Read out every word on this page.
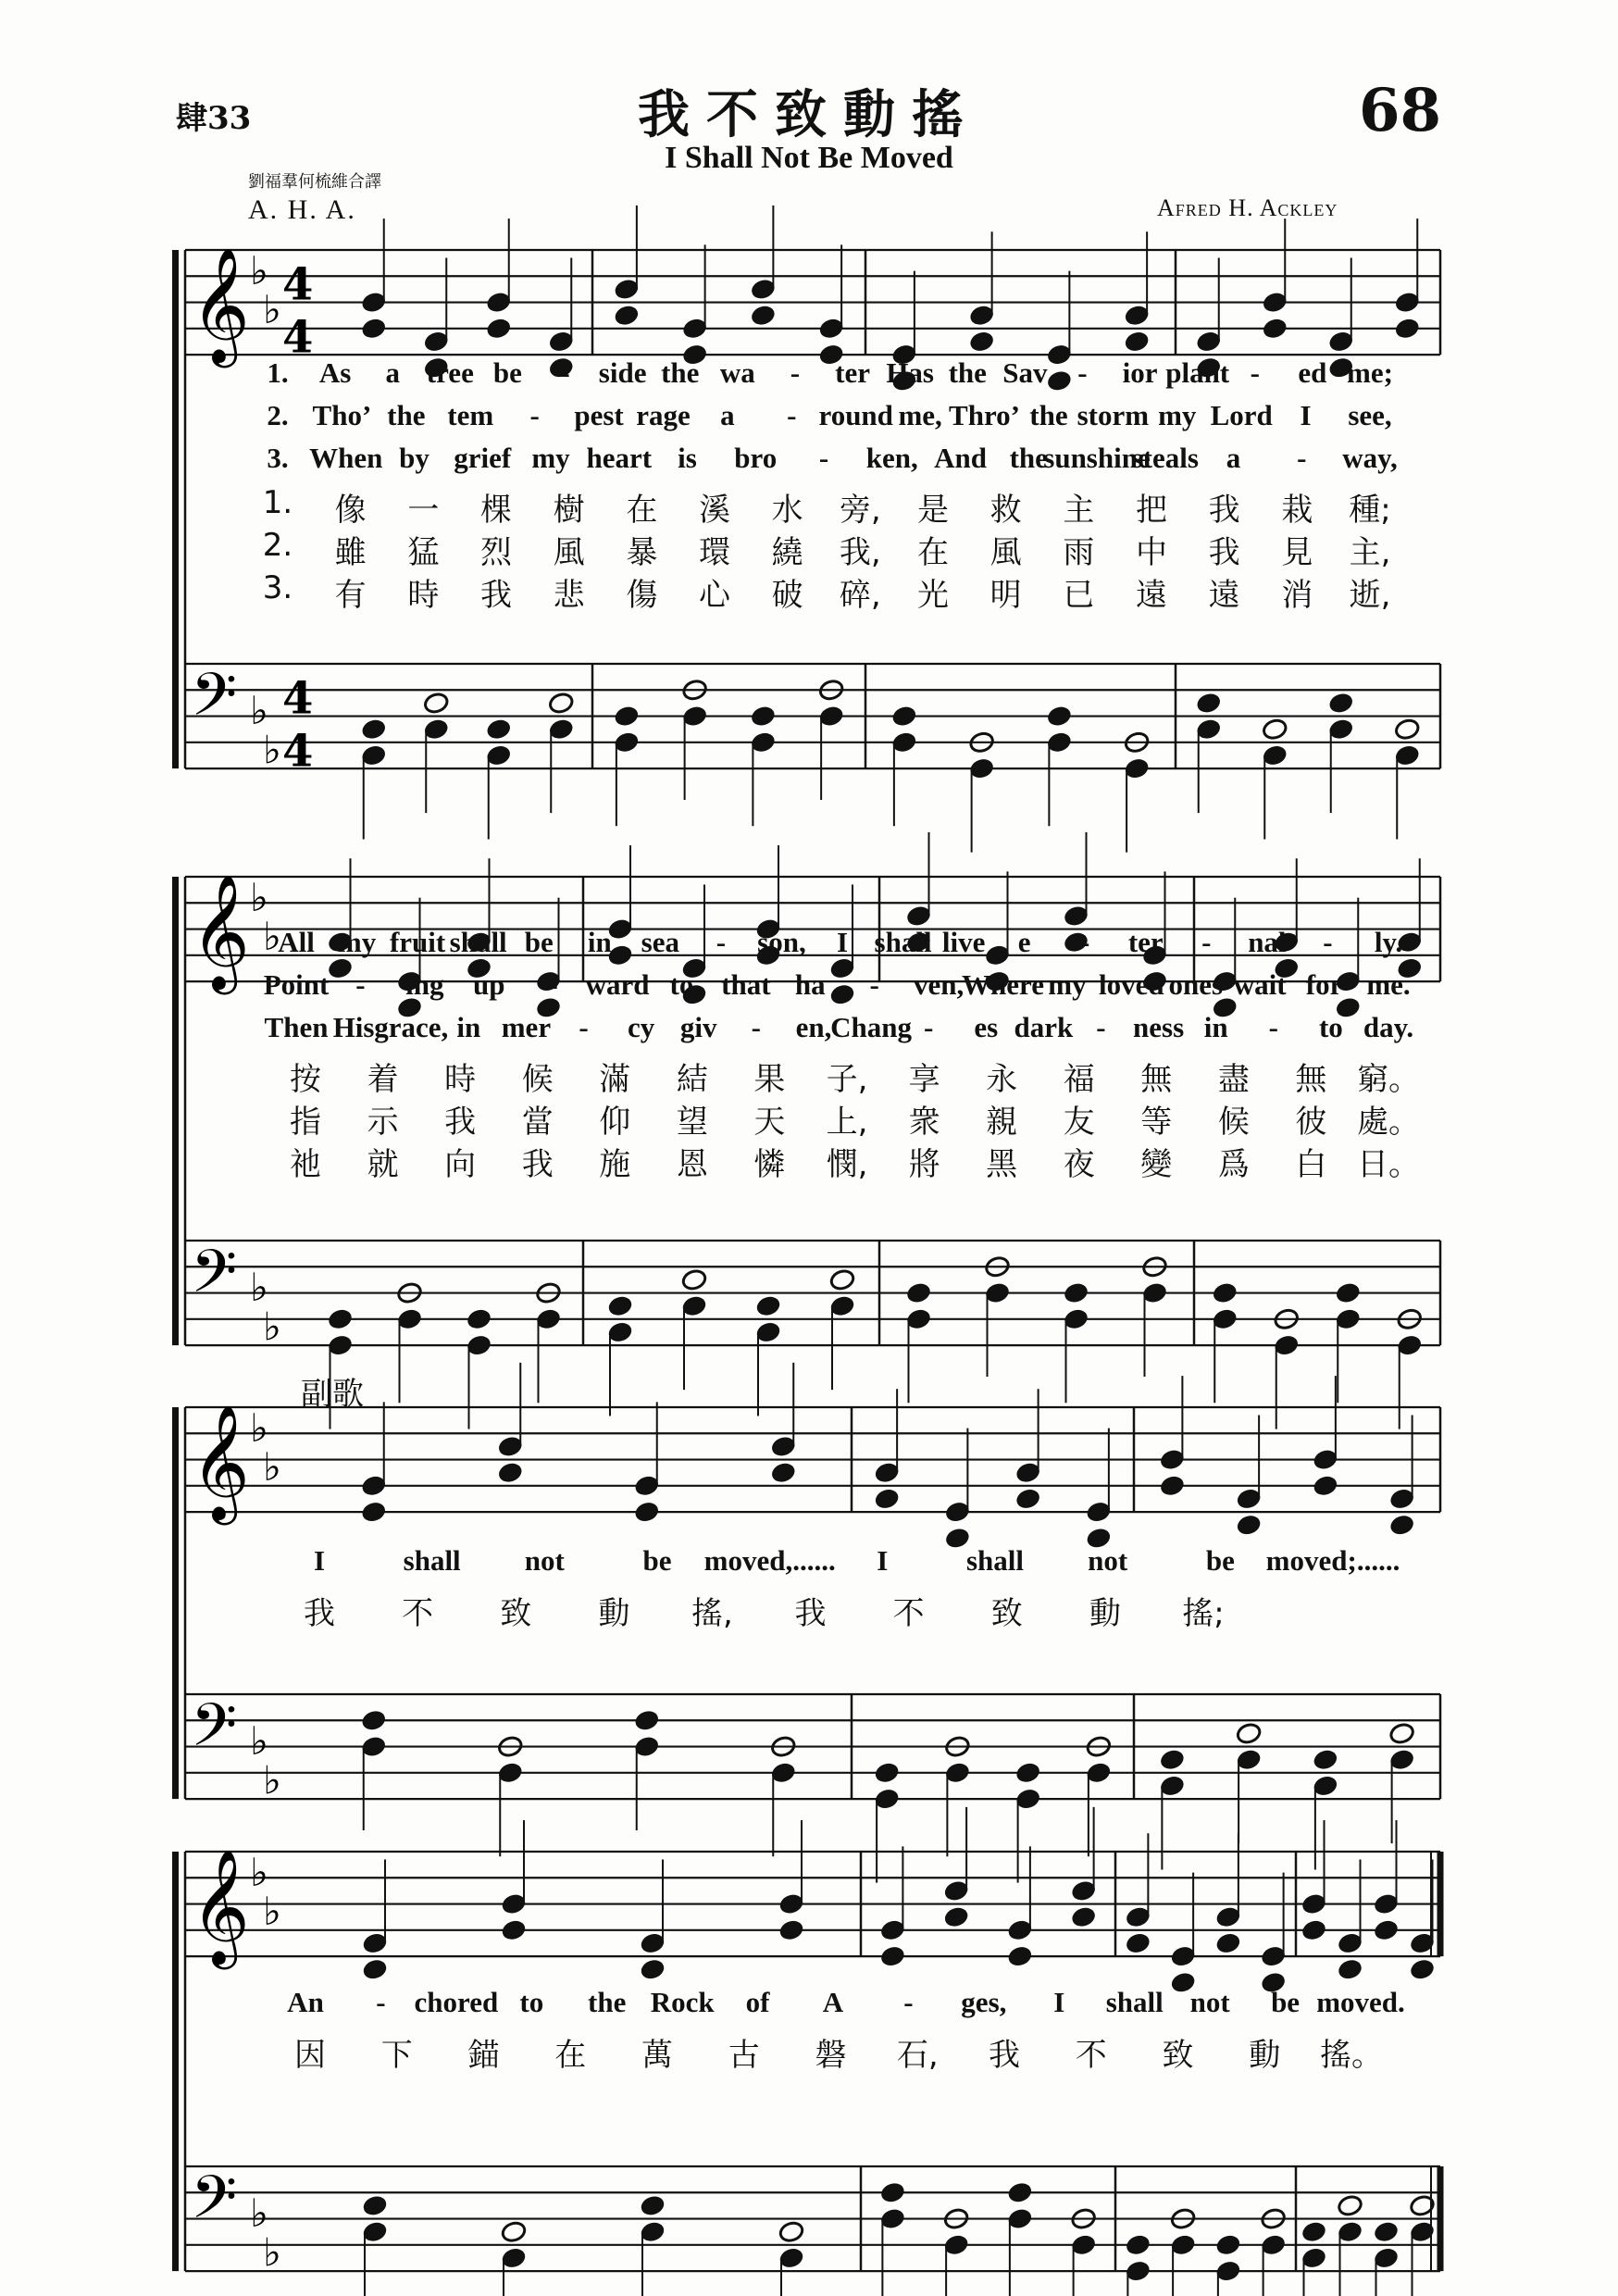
肆33	我不致動搖	68
I Shall Not Be Moved
劉福羣何梳維合譯
A. H. A.	Afred H. Ackley
副歌
𝄞
𝄢
♭
♭
♭
♭
4
4
4
4
𝄞
𝄢
♭
♭
♭
♭
𝄞
𝄢
♭
♭
♭
♭
𝄞
𝄢
♭
♭
♭
♭
1. As a tree be - side the wa - ter Has the Sav - ior plant - ed me;
2. Tho’ the tem - pest rage a - round me, Thro’ the storm my Lord I see,
3. When by grief my heart is bro - ken, And the
sunshine
steals a - way,
1. 像 一 棵 樹 在 溪 水 旁, 是 救 主 把 我 栽 種;
2. 雖 猛 烈 風 暴 環 繞 我, 在 風 雨 中 我 見 主,
3. 有 時 我 悲 傷 心 破 碎, 光 明 已 遠 遠 消 逝,
All my fruit shall be in sea - son, I shall live e - ter - nal - ly.
Point - ing up - ward to that ha - ven,
Where my loved ones wait for me.
Then His grace, in mer - cy giv - en,
Chang - es dark - ness in - to day.
按 着 時 候 滿 結 果 子, 享 永 福 無 盡 無 窮。
指 示 我 當 仰 望 天 上, 衆 親 友 等 候 彼 處。
祂 就 向 我 施 恩 憐 憫, 將 黑 夜 變 爲 白 日。
I	shall not	be moved,...... I	shall not	be moved;......
我 不 致 動 搖, 我 不 致 動 搖;
An - chored to the Rock of A - ges, I shall not be moved.
因 下 錨 在 萬 古 磐 石, 我 不 致 動 搖。
